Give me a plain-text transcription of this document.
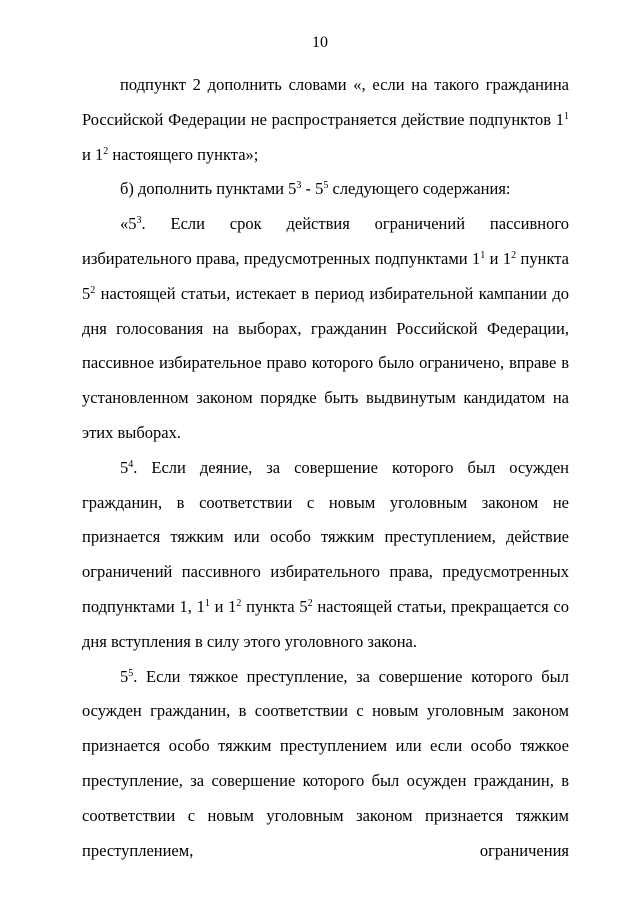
10

подпункт 2 дополнить словами «, если на такого гражданина Российской Федерации не распространяется действие подпунктов $1^1$ и $1^2$ настоящего пункта»;

б) дополнить пунктами $5^3 - 5^5$ следующего содержания:

«$5^3$. Если срок действия ограничений пассивного избирательного права, предусмотренных подпунктами $1^1$ и $1^2$ пункта $5^2$ настоящей статьи, истекает в период избирательной кампании до дня голосования на выборах, гражданин Российской Федерации, пассивное избирательное право которого было ограничено, вправе в установленном законом порядке быть выдвинутым кандидатом на этих выборах.

$5^4$. Если деяние, за совершение которого был осужден гражданин, в соответствии с новым уголовным законом не признается тяжким или особо тяжким преступлением, действие ограничений пассивного избирательного права, предусмотренных подпунктами 1, $1^1$ и $1^2$ пункта $5^2$ настоящей статьи, прекращается со дня вступления в силу этого уголовного закона.

$5^5$. Если тяжкое преступление, за совершение которого был осужден гражданин, в соответствии с новым уголовным законом признается особо тяжким преступлением или если особо тяжкое преступление, за совершение которого был осужден гражданин, в соответствии с новым уголовным законом признается тяжким преступлением, ограничения
